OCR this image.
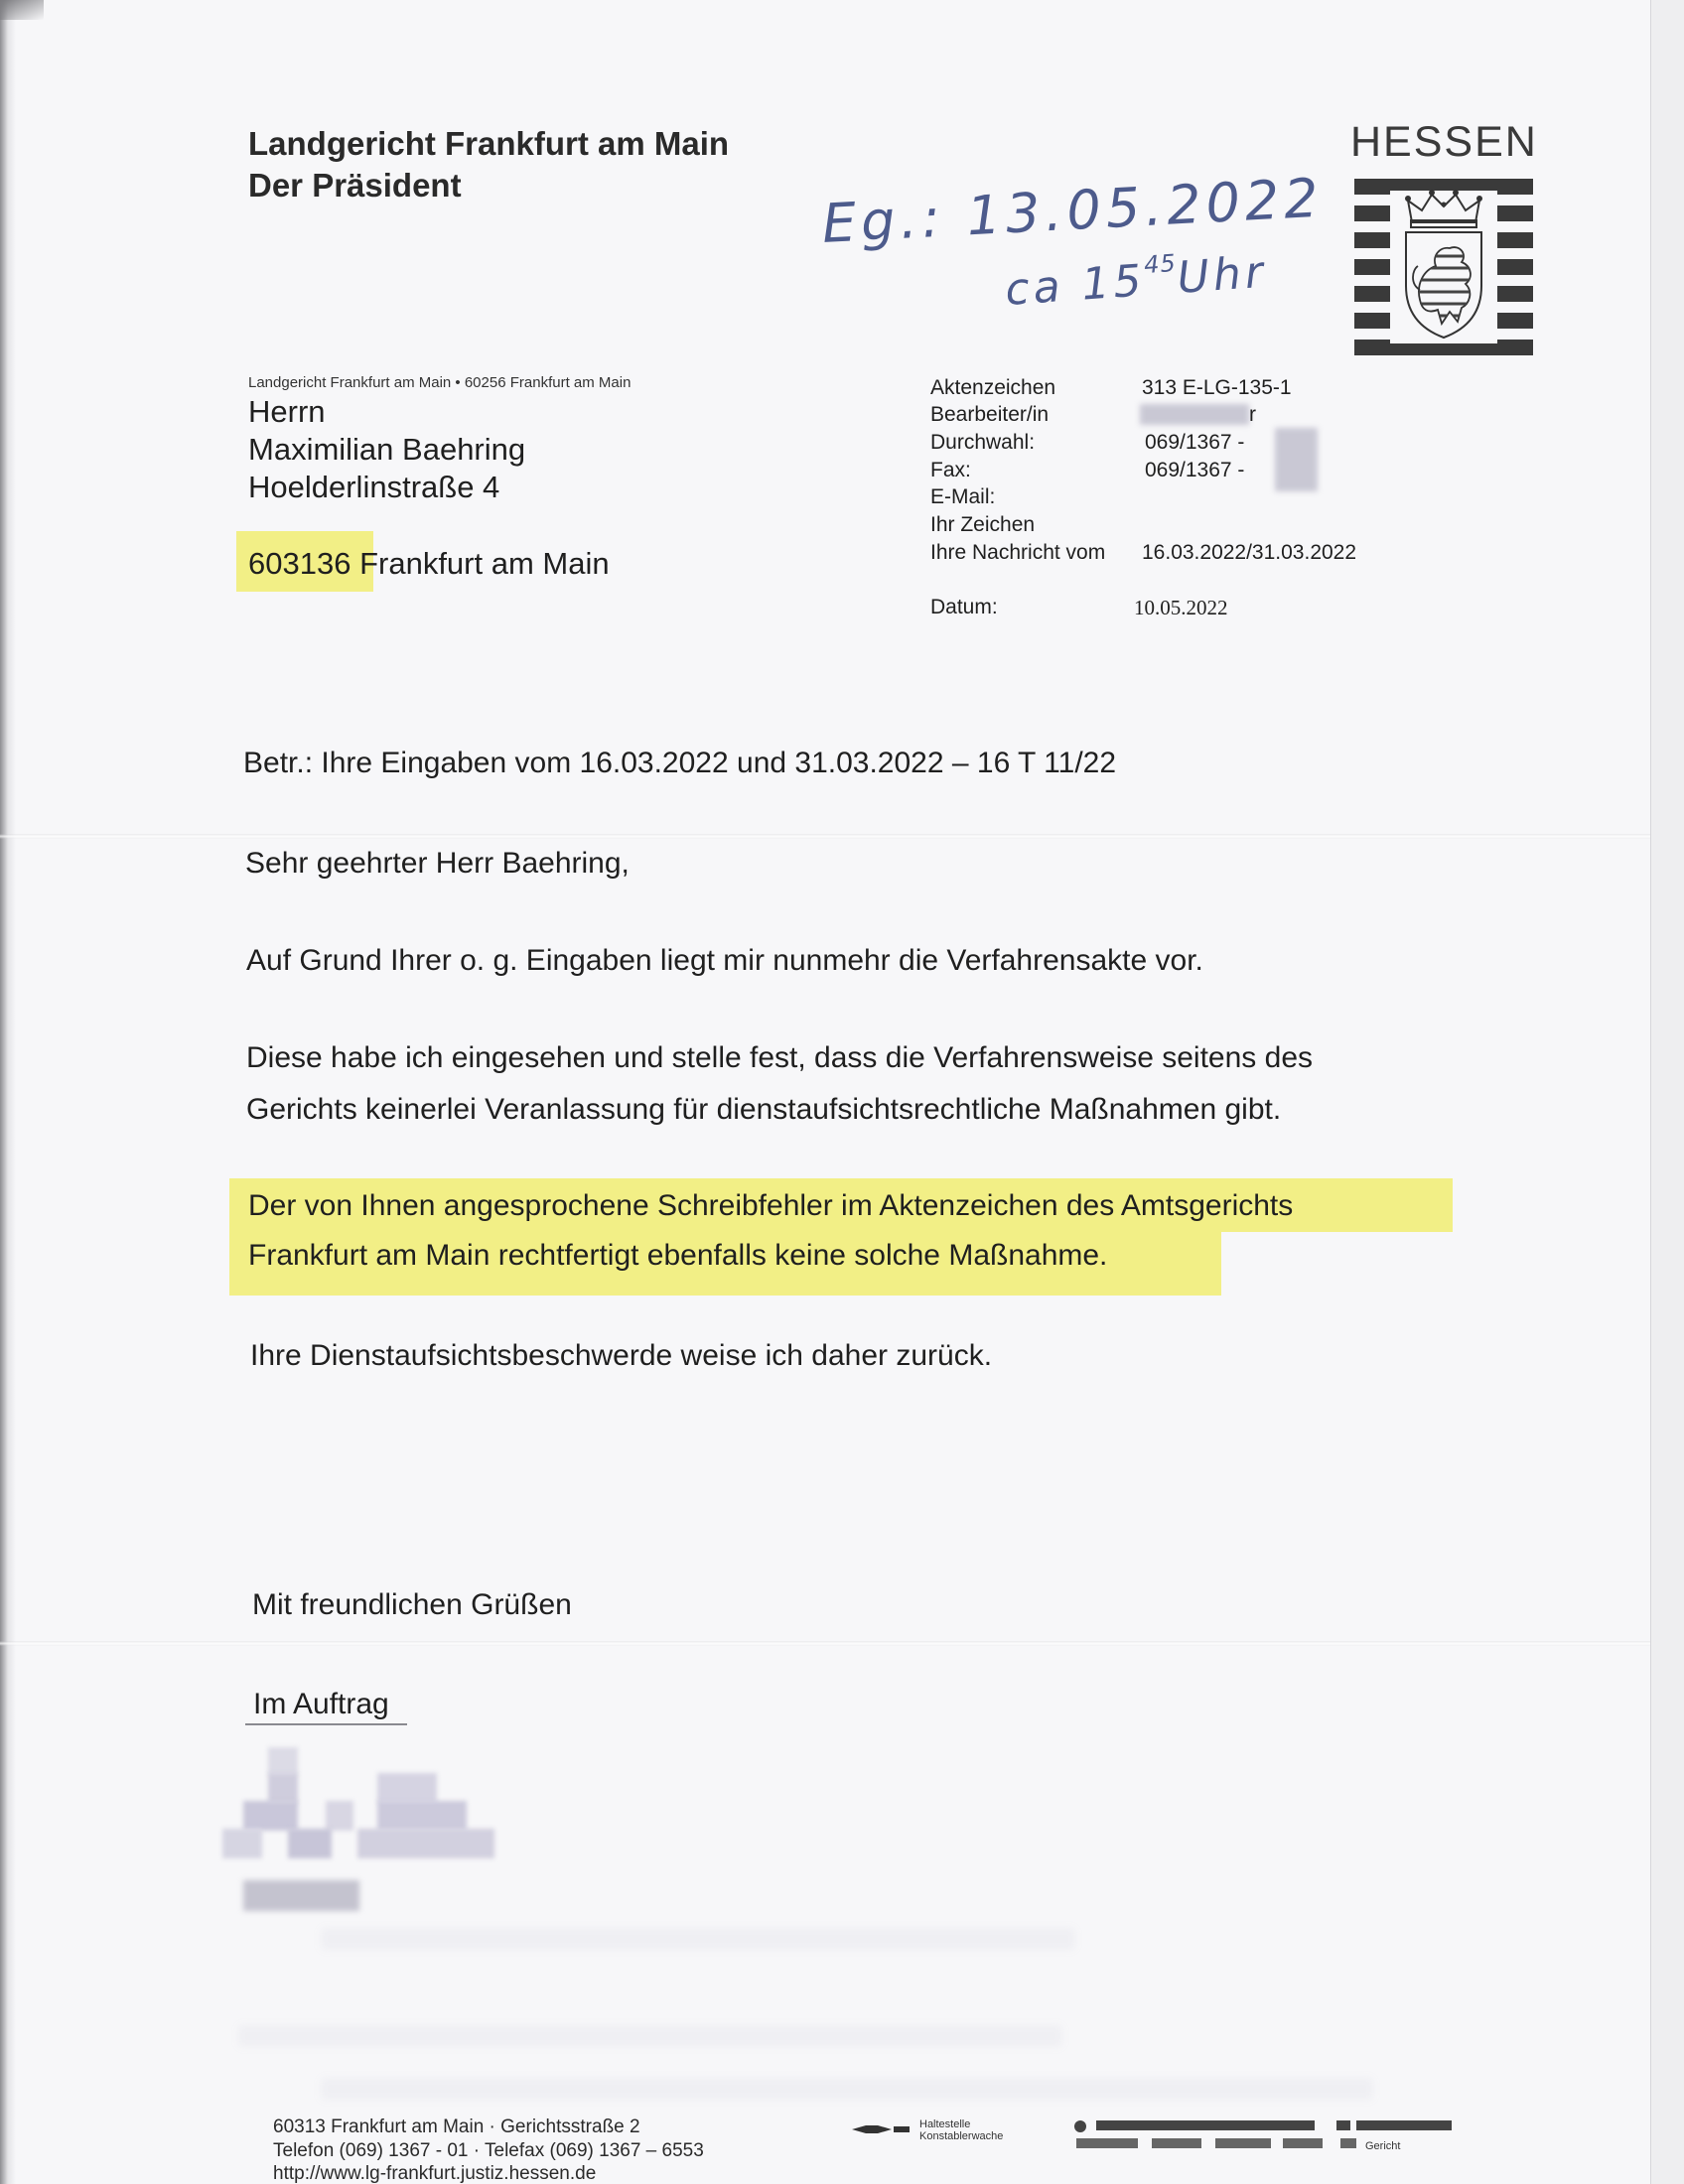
Landgericht Frankfurt am Main
Der Präsident
HESSEN
Eg.: 13.05.2022
ca $15^{45}Uhr$
Landgericht Frankfurt am Main • 60256 Frankfurt am Main
Herrn
Maximilian Baehring
Hoelderlinstraße 4
603136 Frankfurt am Main
Aktenzeichen	313 E-LG-135-1
Bearbeiter/in	r
Durchwahl:	069/1367 -
Fax:	069/1367 -
E-Mail:
Ihr Zeichen
Ihre Nachricht vom 16.03.2022/31.03.2022
Datum:	10.05.2022
Betr.: Ihre Eingaben vom 16.03.2022 und 31.03.2022 – 16 T 11/22
Sehr geehrter Herr Baehring,
Auf Grund Ihrer o. g. Eingaben liegt mir nunmehr die Verfahrensakte vor.
Diese habe ich eingesehen und stelle fest, dass die Verfahrensweise seitens des
Gerichts keinerlei Veranlassung für dienstaufsichtsrechtliche Maßnahmen gibt.
Der von Ihnen angesprochene Schreibfehler im Aktenzeichen des Amtsgerichts
Frankfurt am Main rechtfertigt ebenfalls keine solche Maßnahme.
Ihre Dienstaufsichtsbeschwerde weise ich daher zurück.
Mit freundlichen Grüßen
Im Auftrag
60313 Frankfurt am Main · Gerichtsstraße 2
Telefon (069) 1367 - 01 · Telefax (069) 1367 – 6553
http://www.lg-frankfurt.justiz.hessen.de
Haltestelle
Konstablerwache
Gericht
